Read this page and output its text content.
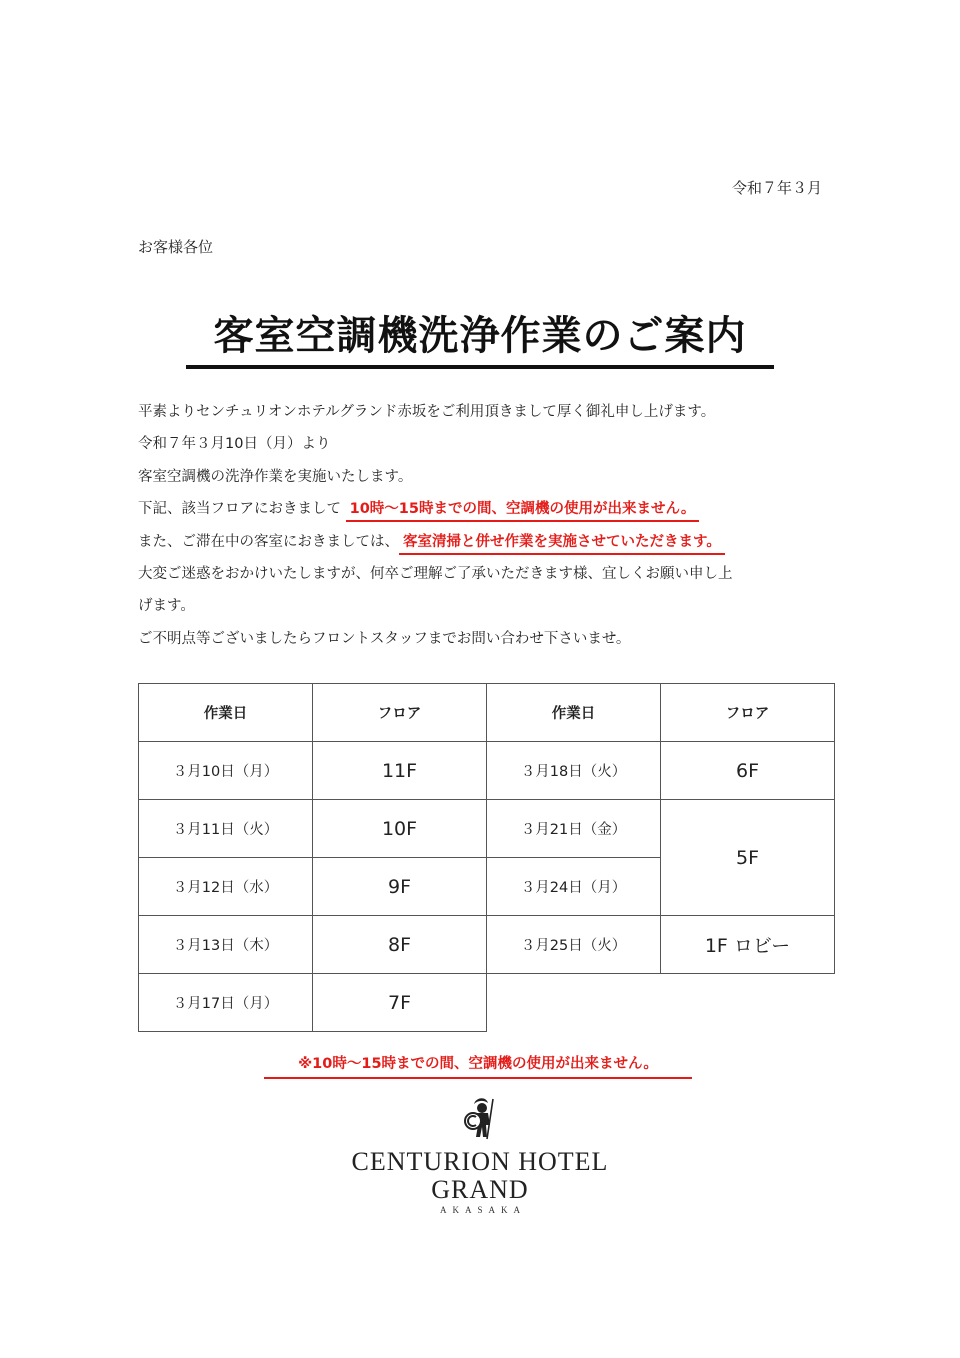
令和７年３月
お客様各位
客室空調機洗浄作業のご案内
平素よりセンチュリオンホテルグランド赤坂をご利用頂きまして厚く御礼申し上げます。
令和７年３月10日（月）より
客室空調機の洗浄作業を実施いたします。
下記、該当フロアにおきまして 10時～15時までの間、空調機の使用が出来ません。
また、ご滞在中の客室におきましては、 客室清掃と併せ作業を実施させていただきます。
大変ご迷惑をおかけいたしますが、何卒ご理解ご了承いただきます様、宜しくお願い申し上
げます。
ご不明点等ございましたらフロントスタッフまでお問い合わせ下さいませ。
作業日	フロア	作業日	フロア
３月10日（月）	11F	３月18日（火）	6F
３月11日（火）	10F	３月21日（金）	5F
３月12日（水）	9F	３月24日（月）	
３月13日（木）	8F	３月25日（火）	1F ロビー
３月17日（月）	7F		
※10時～15時までの間、空調機の使用が出来ません。
CENTURION HOTEL
GRAND
AKASAKA
